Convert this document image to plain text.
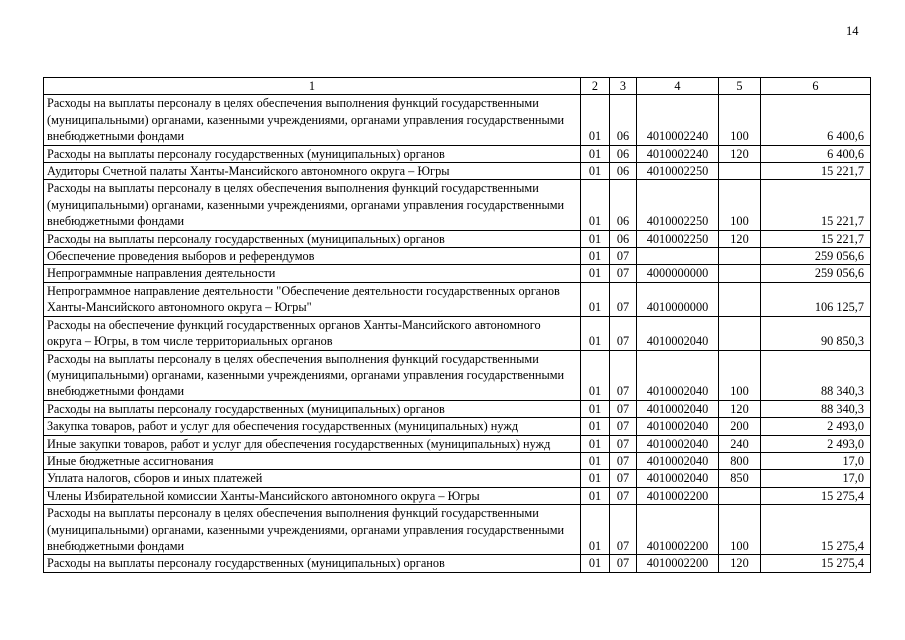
14
1	2	3	4	5	6
Расходы на выплаты персоналу в целях обеспечения выполнения функций государственными (муниципальными) органами, казенными учреждениями, органами управления государственными внебюджетными фондами	01	06	4010002240	100	6 400,6
Расходы на выплаты персоналу государственных (муниципальных) органов	01	06	4010002240	120	6 400,6
Аудиторы Счетной палаты Ханты-Мансийского автономного округа – Югры	01	06	4010002250		15 221,7
Расходы на выплаты персоналу в целях обеспечения выполнения функций государственными (муниципальными) органами, казенными учреждениями, органами управления государственными внебюджетными фондами	01	06	4010002250	100	15 221,7
Расходы на выплаты персоналу государственных (муниципальных) органов	01	06	4010002250	120	15 221,7
Обеспечение проведения выборов и референдумов	01	07			259 056,6
Непрограммные направления деятельности	01	07	4000000000		259 056,6
Непрограммное направление деятельности "Обеспечение деятельности государственных органов Ханты-Мансийского автономного округа – Югры"	01	07	4010000000		106 125,7
Расходы на обеспечение функций государственных органов Ханты-Мансийского автономного округа – Югры, в том числе территориальных органов	01	07	4010002040		90 850,3
Расходы на выплаты персоналу в целях обеспечения выполнения функций государственными (муниципальными) органами, казенными учреждениями, органами управления государственными внебюджетными фондами	01	07	4010002040	100	88 340,3
Расходы на выплаты персоналу государственных (муниципальных) органов	01	07	4010002040	120	88 340,3
Закупка товаров, работ и услуг для обеспечения государственных (муниципальных) нужд	01	07	4010002040	200	2 493,0
Иные закупки товаров, работ и услуг для обеспечения государственных (муниципальных) нужд	01	07	4010002040	240	2 493,0
Иные бюджетные ассигнования	01	07	4010002040	800	17,0
Уплата налогов, сборов и иных платежей	01	07	4010002040	850	17,0
Члены Избирательной комиссии Ханты-Мансийского автономного округа – Югры	01	07	4010002200		15 275,4
Расходы на выплаты персоналу в целях обеспечения выполнения функций государственными (муниципальными) органами, казенными учреждениями, органами управления государственными внебюджетными фондами	01	07	4010002200	100	15 275,4
Расходы на выплаты персоналу государственных (муниципальных) органов	01	07	4010002200	120	15 275,4
